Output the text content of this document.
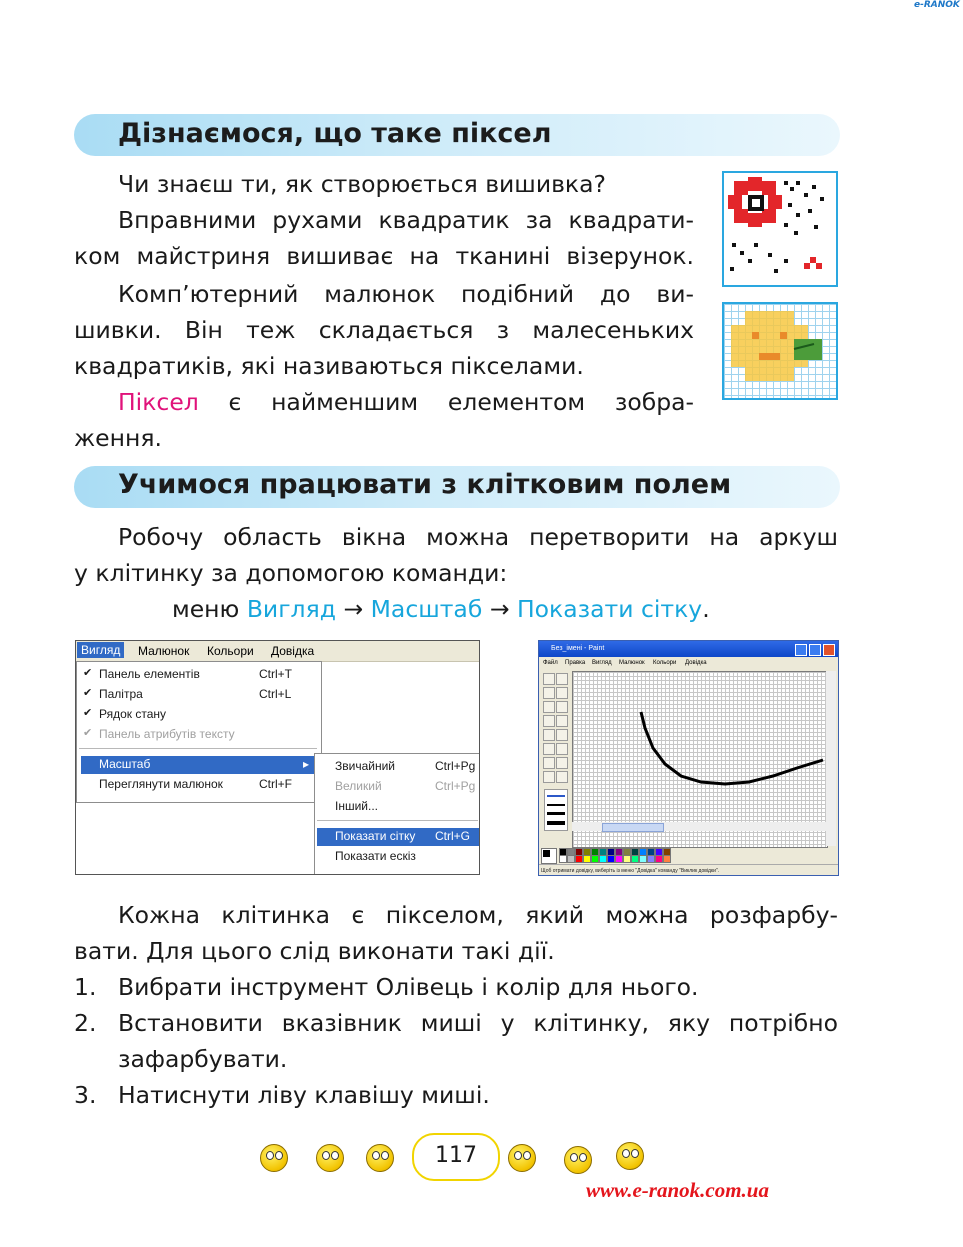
e-RANOK
Дізнаємося, що таке піксел
Чи знаєш ти, як створюється вишивка?
Вправними рухами квадратик за квадрати-
ком майстриня вишиває на тканині візерунок.
Комп’ютерний малюнок подібний до ви-
шивки. Він теж складається з малесеньких
квадратиків, які називаються пікселами.
Піксел є найменшим елементом зобра-
ження.
Учимося працювати з клітковим полем
Робочу область вікна можна перетворити на аркуш
у клітинку за допомогою команди:
меню Вигляд → Масштаб → Показати сітку.
Вигляд	Малюнок Кольори Довідка
✔ Панель елементів	Ctrl+T
✔ Палітра	Ctrl+L
✔ Рядок стану
✔ Панель атрибутів тексту
Масштаб	▸
Переглянути малюнок	Ctrl+F
Звичайний	Ctrl+Pg
Великий	Ctrl+Pg
Інший...
Показати сітку Ctrl+G
Показати ескіз
Без_імені - Paint
Файл Правка Вигляд Малюнок Кольори Довідка
Щоб отримати довідку, виберіть із меню "Довідка" команду "Виклик довідки".
Кожна клітинка є пікселом, який можна розфарбу-
вати. Для цього слід виконати такі дії.
1. Вибрати інструмент Олівець і колір для нього.
2. Встановити вказівник миші у клітинку, яку потрібно
зафарбувати.
3. Натиснути ліву клавішу миші.
117
www.e-ranok.com.ua
